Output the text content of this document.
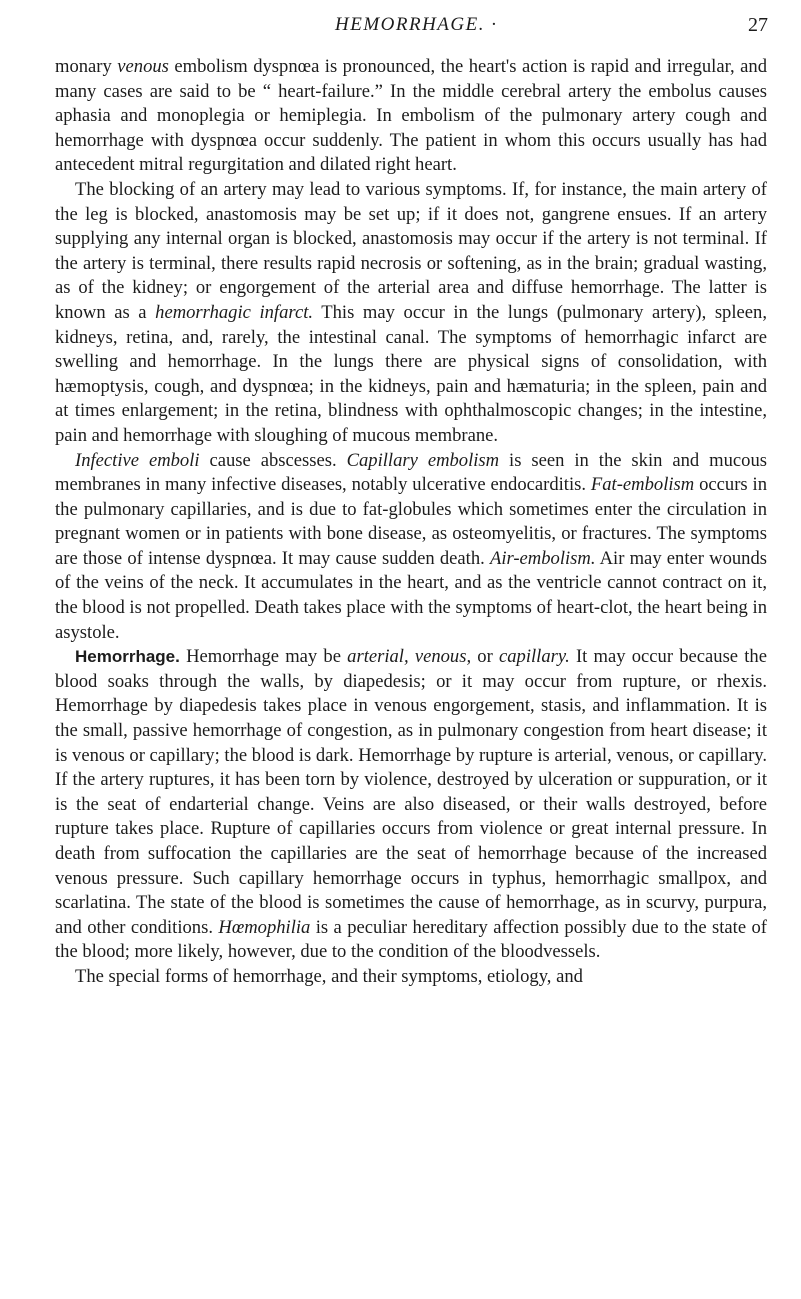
HEMORRHAGE. ·	27

monary venous embolism dyspnœa is pronounced, the heart's action is rapid and irregular, and many cases are said to be “ heart-failure.” In the middle cerebral artery the embolus causes aphasia and monoplegia or hemiplegia. In embolism of the pulmonary artery cough and hemorrhage with dyspnœa occur suddenly. The patient in whom this occurs usually has had antecedent mitral regurgitation and dilated right heart.

The blocking of an artery may lead to various symptoms. If, for instance, the main artery of the leg is blocked, anastomosis may be set up; if it does not, gangrene ensues. If an artery supplying any internal organ is blocked, anastomosis may occur if the artery is not terminal. If the artery is terminal, there results rapid necrosis or softening, as in the brain; gradual wasting, as of the kidney; or engorgement of the arterial area and diffuse hemorrhage. The latter is known as a hemorrhagic infarct. This may occur in the lungs (pulmonary artery), spleen, kidneys, retina, and, rarely, the intestinal canal. The symptoms of hemorrhagic infarct are swelling and hemorrhage. In the lungs there are physical signs of consolidation, with hæmoptysis, cough, and dyspnœa; in the kidneys, pain and hæmaturia; in the spleen, pain and at times enlargement; in the retina, blindness with ophthalmoscopic changes; in the intestine, pain and hemorrhage with sloughing of mucous membrane.

Infective emboli cause abscesses. Capillary embolism is seen in the skin and mucous membranes in many infective diseases, notably ulcerative endocarditis. Fat-embolism occurs in the pulmonary capillaries, and is due to fat-globules which sometimes enter the circulation in pregnant women or in patients with bone disease, as osteomyelitis, or fractures. The symptoms are those of intense dyspnœa. It may cause sudden death. Air-embolism. Air may enter wounds of the veins of the neck. It accumulates in the heart, and as the ventricle cannot contract on it, the blood is not propelled. Death takes place with the symptoms of heart-clot, the heart being in asystole.

Hemorrhage. Hemorrhage may be arterial, venous, or capillary. It may occur because the blood soaks through the walls, by diapedesis; or it may occur from rupture, or rhexis. Hemorrhage by diapedesis takes place in venous engorgement, stasis, and inflammation. It is the small, passive hemorrhage of congestion, as in pulmonary congestion from heart disease; it is venous or capillary; the blood is dark. Hemorrhage by rupture is arterial, venous, or capillary. If the artery ruptures, it has been torn by violence, destroyed by ulceration or suppuration, or it is the seat of endarterial change. Veins are also diseased, or their walls destroyed, before rupture takes place. Rupture of capillaries occurs from violence or great internal pressure. In death from suffocation the capillaries are the seat of hemorrhage because of the increased venous pressure. Such capillary hemorrhage occurs in typhus, hemorrhagic smallpox, and scarlatina. The state of the blood is sometimes the cause of hemorrhage, as in scurvy, purpura, and other conditions. Hœmophilia is a peculiar hereditary affection possibly due to the state of the blood; more likely, however, due to the condition of the bloodvessels.

The special forms of hemorrhage, and their symptoms, etiology, and
